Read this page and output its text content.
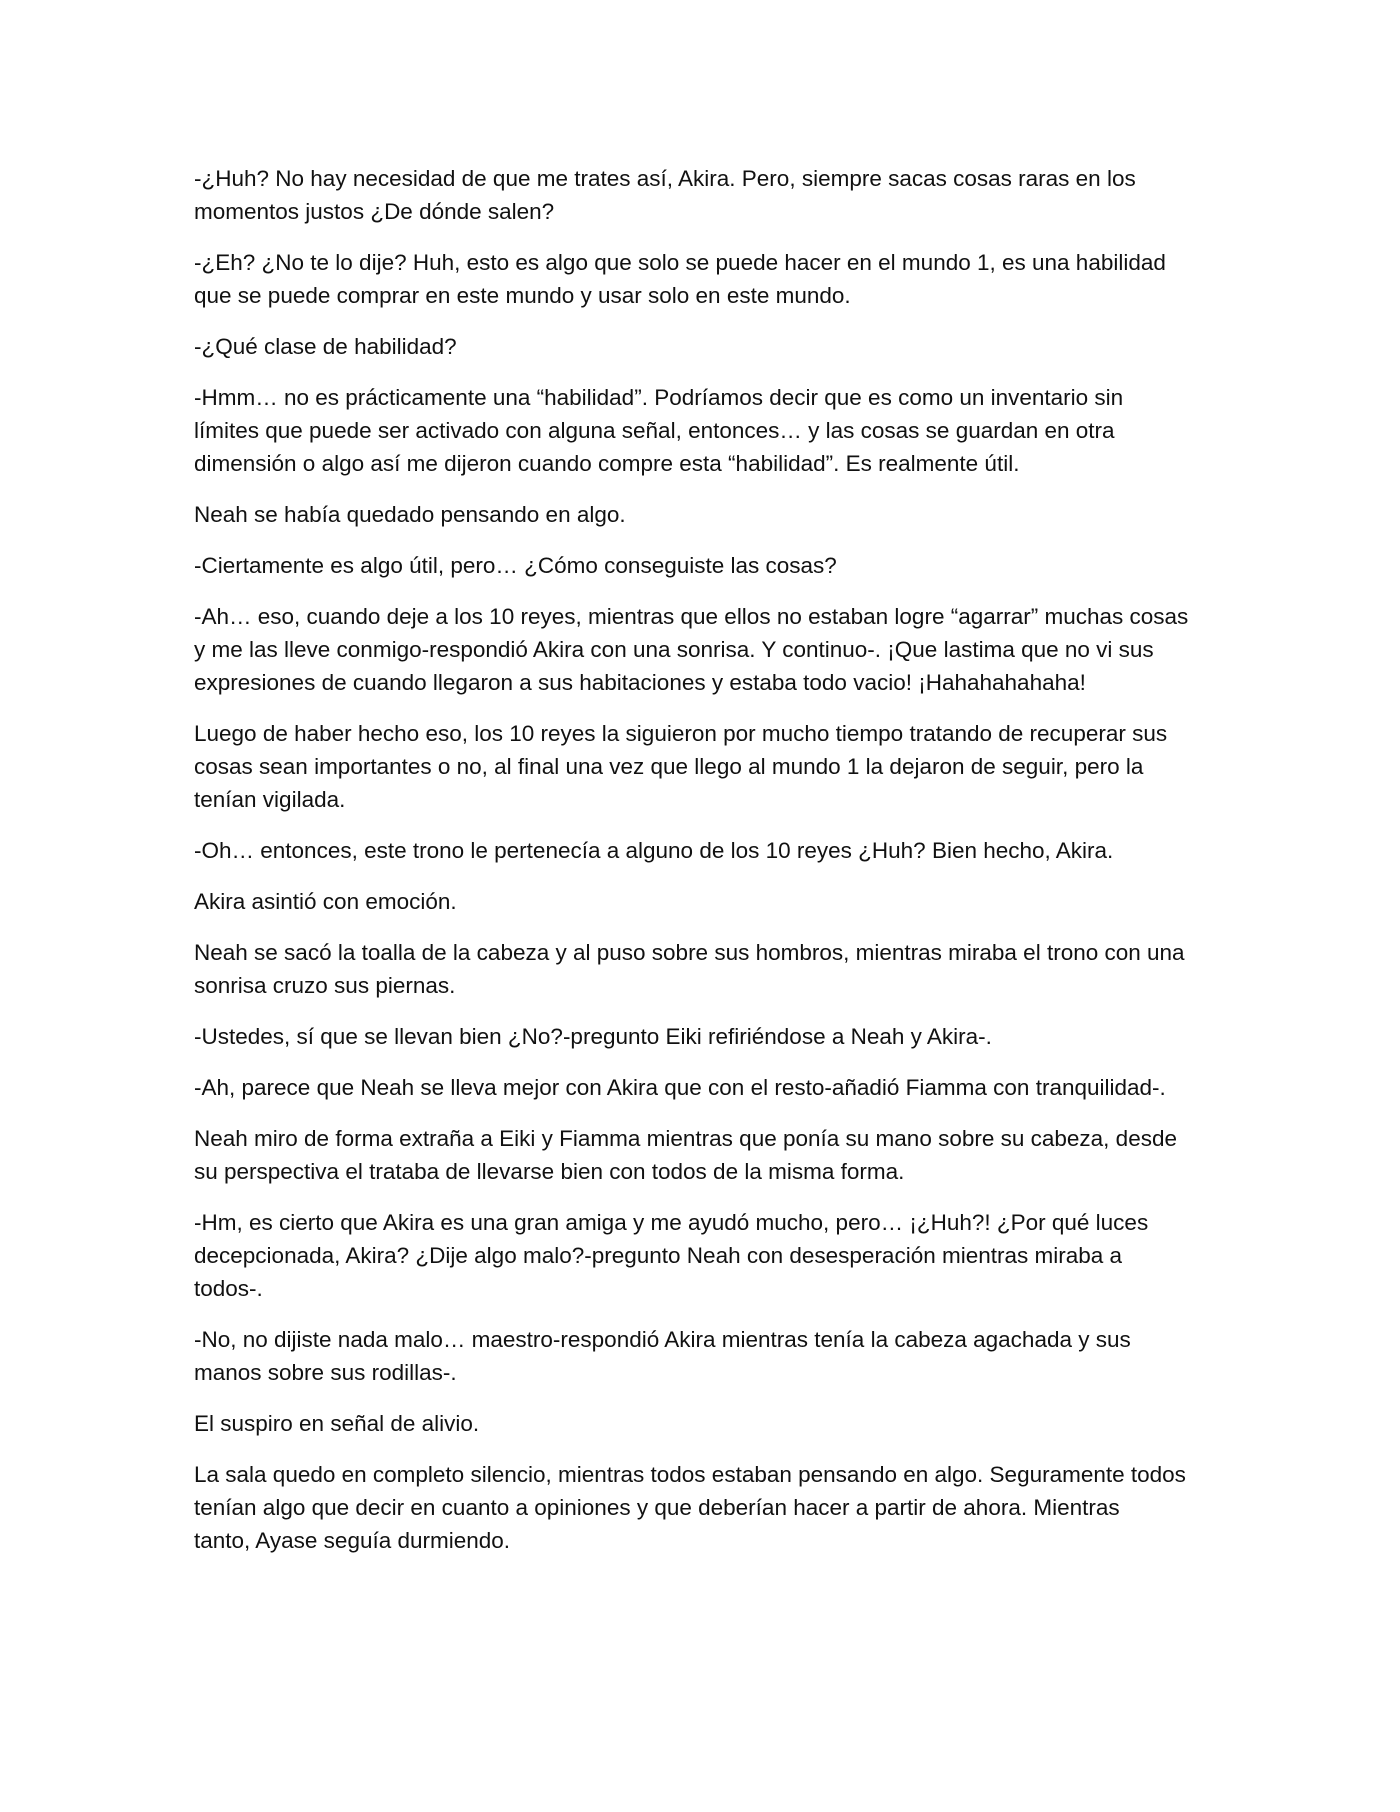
-¿Huh? No hay necesidad de que me trates así, Akira. Pero, siempre sacas cosas raras en los
momentos justos ¿De dónde salen?

-¿Eh? ¿No te lo dije? Huh, esto es algo que solo se puede hacer en el mundo 1, es una habilidad
que se puede comprar en este mundo y usar solo en este mundo.

-¿Qué clase de habilidad?

-Hmm… no es prácticamente una “habilidad”. Podríamos decir que es como un inventario sin
límites que puede ser activado con alguna señal, entonces… y las cosas se guardan en otra
dimensión o algo así me dijeron cuando compre esta “habilidad”. Es realmente útil.

Neah se había quedado pensando en algo.

-Ciertamente es algo útil, pero… ¿Cómo conseguiste las cosas?

-Ah… eso, cuando deje a los 10 reyes, mientras que ellos no estaban logre “agarrar” muchas cosas
y me las lleve conmigo-respondió Akira con una sonrisa. Y continuo-. ¡Que lastima que no vi sus
expresiones de cuando llegaron a sus habitaciones y estaba todo vacio! ¡Hahahahahaha!

Luego de haber hecho eso, los 10 reyes la siguieron por mucho tiempo tratando de recuperar sus
cosas sean importantes o no, al final una vez que llego al mundo 1 la dejaron de seguir, pero la
tenían vigilada.

-Oh… entonces, este trono le pertenecía a alguno de los 10 reyes ¿Huh? Bien hecho, Akira.

Akira asintió con emoción.

Neah se sacó la toalla de la cabeza y al puso sobre sus hombros, mientras miraba el trono con una
sonrisa cruzo sus piernas.

-Ustedes, sí que se llevan bien ¿No?-pregunto Eiki refiriéndose a Neah y Akira-.

-Ah, parece que Neah se lleva mejor con Akira que con el resto-añadió Fiamma con tranquilidad-.

Neah miro de forma extraña a Eiki y Fiamma mientras que ponía su mano sobre su cabeza, desde
su perspectiva el trataba de llevarse bien con todos de la misma forma.

-Hm, es cierto que Akira es una gran amiga y me ayudó mucho, pero… ¡¿Huh?! ¿Por qué luces
decepcionada, Akira? ¿Dije algo malo?-pregunto Neah con desesperación mientras miraba a
todos-.

-No, no dijiste nada malo… maestro-respondió Akira mientras tenía la cabeza agachada y sus
manos sobre sus rodillas-.

El suspiro en señal de alivio.

La sala quedo en completo silencio, mientras todos estaban pensando en algo. Seguramente todos
tenían algo que decir en cuanto a opiniones y que deberían hacer a partir de ahora. Mientras
tanto, Ayase seguía durmiendo.
